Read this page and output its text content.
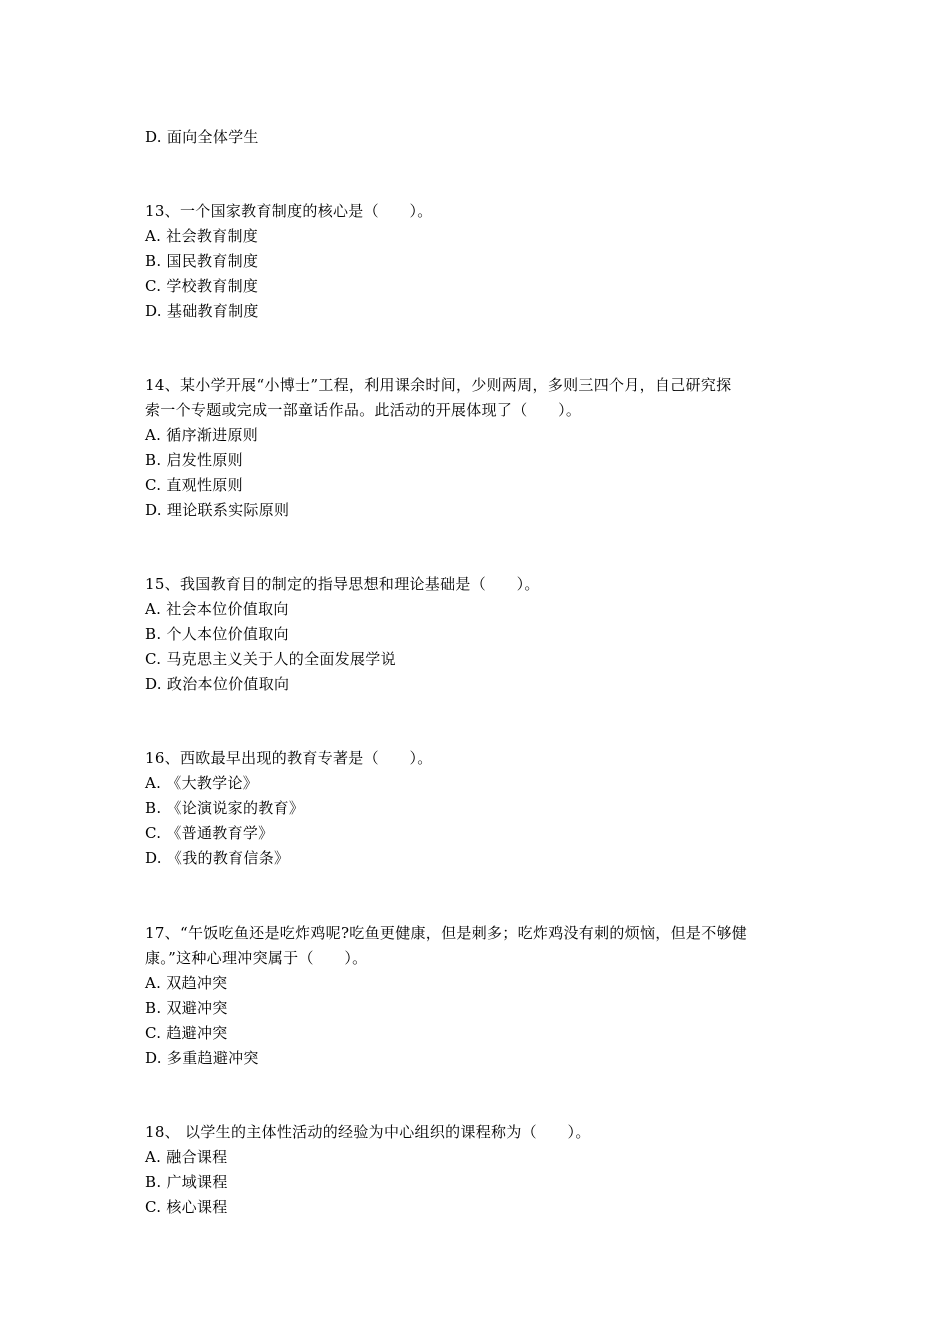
D. 面向全体学生
13、一个国家教育制度的核心是（　　）。
A. 社会教育制度
B. 国民教育制度
C. 学校教育制度
D. 基础教育制度
14、某小学开展“小博士”工程，利用课余时间，少则两周，多则三四个月，自己研究探
索一个专题或完成一部童话作品。此活动的开展体现了（　　）。
A. 循序渐进原则
B. 启发性原则
C. 直观性原则
D. 理论联系实际原则
15、我国教育目的制定的指导思想和理论基础是（　　）。
A. 社会本位价值取向
B. 个人本位价值取向
C. 马克思主义关于人的全面发展学说
D. 政治本位价值取向
16、西欧最早出现的教育专著是（　　）。
A. 《大教学论》
B. 《论演说家的教育》
C. 《普通教育学》
D. 《我的教育信条》
17、“午饭吃鱼还是吃炸鸡呢?吃鱼更健康，但是刺多；吃炸鸡没有刺的烦恼，但是不够健
康。”这种心理冲突属于（　　）。
A. 双趋冲突
B. 双避冲突
C. 趋避冲突
D. 多重趋避冲突
18、 以学生的主体性活动的经验为中心组织的课程称为（　　）。
A. 融合课程
B. 广域课程
C. 核心课程
